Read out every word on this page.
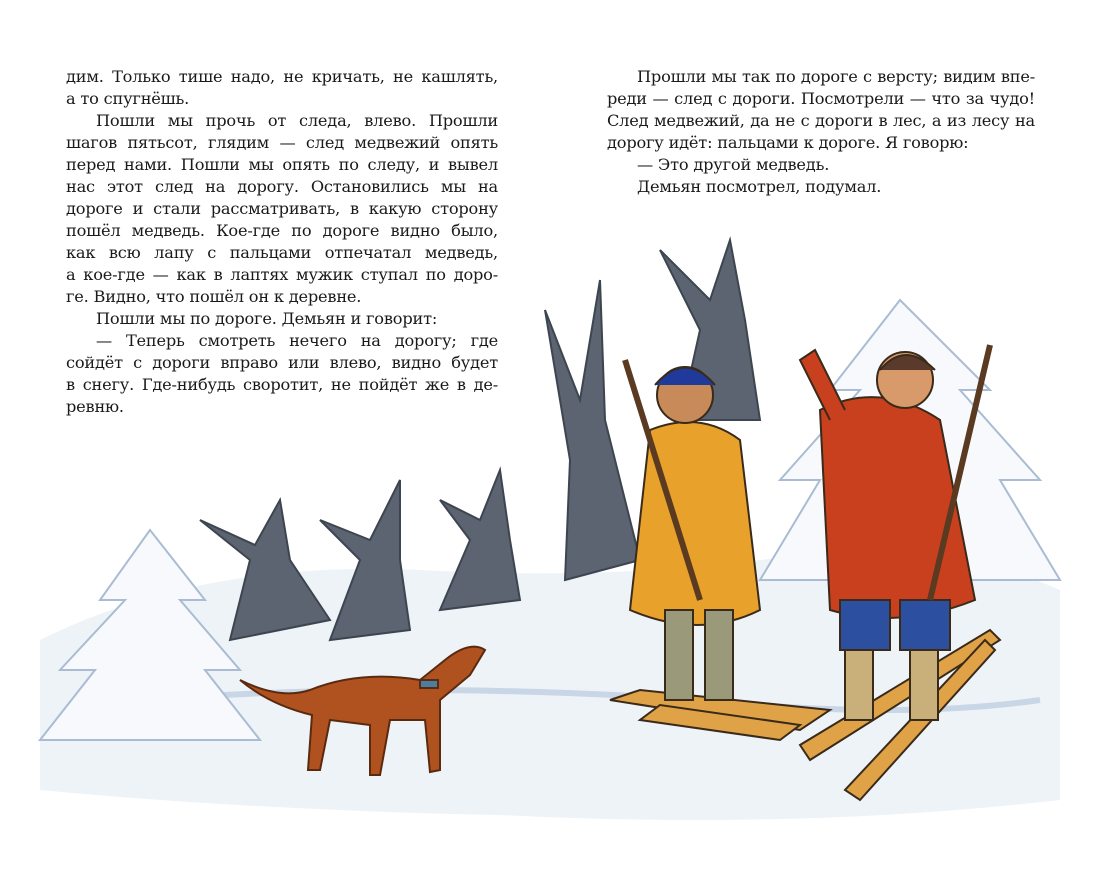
дим. Только тише надо, не кричать, не кашлять,
а то спугнёшь.
Пошли мы прочь от следа, влево. Прошли
шагов пятьсот, глядим — след медвежий опять
перед нами. Пошли мы опять по следу, и вывел
нас этот след на дорогу. Остановились мы на
дороге и стали рассматривать, в какую сторону
пошёл медведь. Кое-где по дороге видно было,
как всю лапу с пальцами отпечатал медведь,
а кое-где — как в лаптях мужик ступал по доро-
ге. Видно, что пошёл он к деревне.
Пошли мы по дороге. Демьян и говорит:
— Теперь смотреть нечего на дорогу; где
сойдёт с дороги вправо или влево, видно будет
в снегу. Где-нибудь своротит, не пойдёт же в де-
ревню.
Прошли мы так по дороге с версту; видим впе-
реди — след с дороги. Посмотрели — что за чудо!
След медвежий, да не с дороги в лес, а из лесу на
дорогу идёт: пальцами к дороге. Я говорю:
— Это другой медведь.
Демьян посмотрел, подумал.
